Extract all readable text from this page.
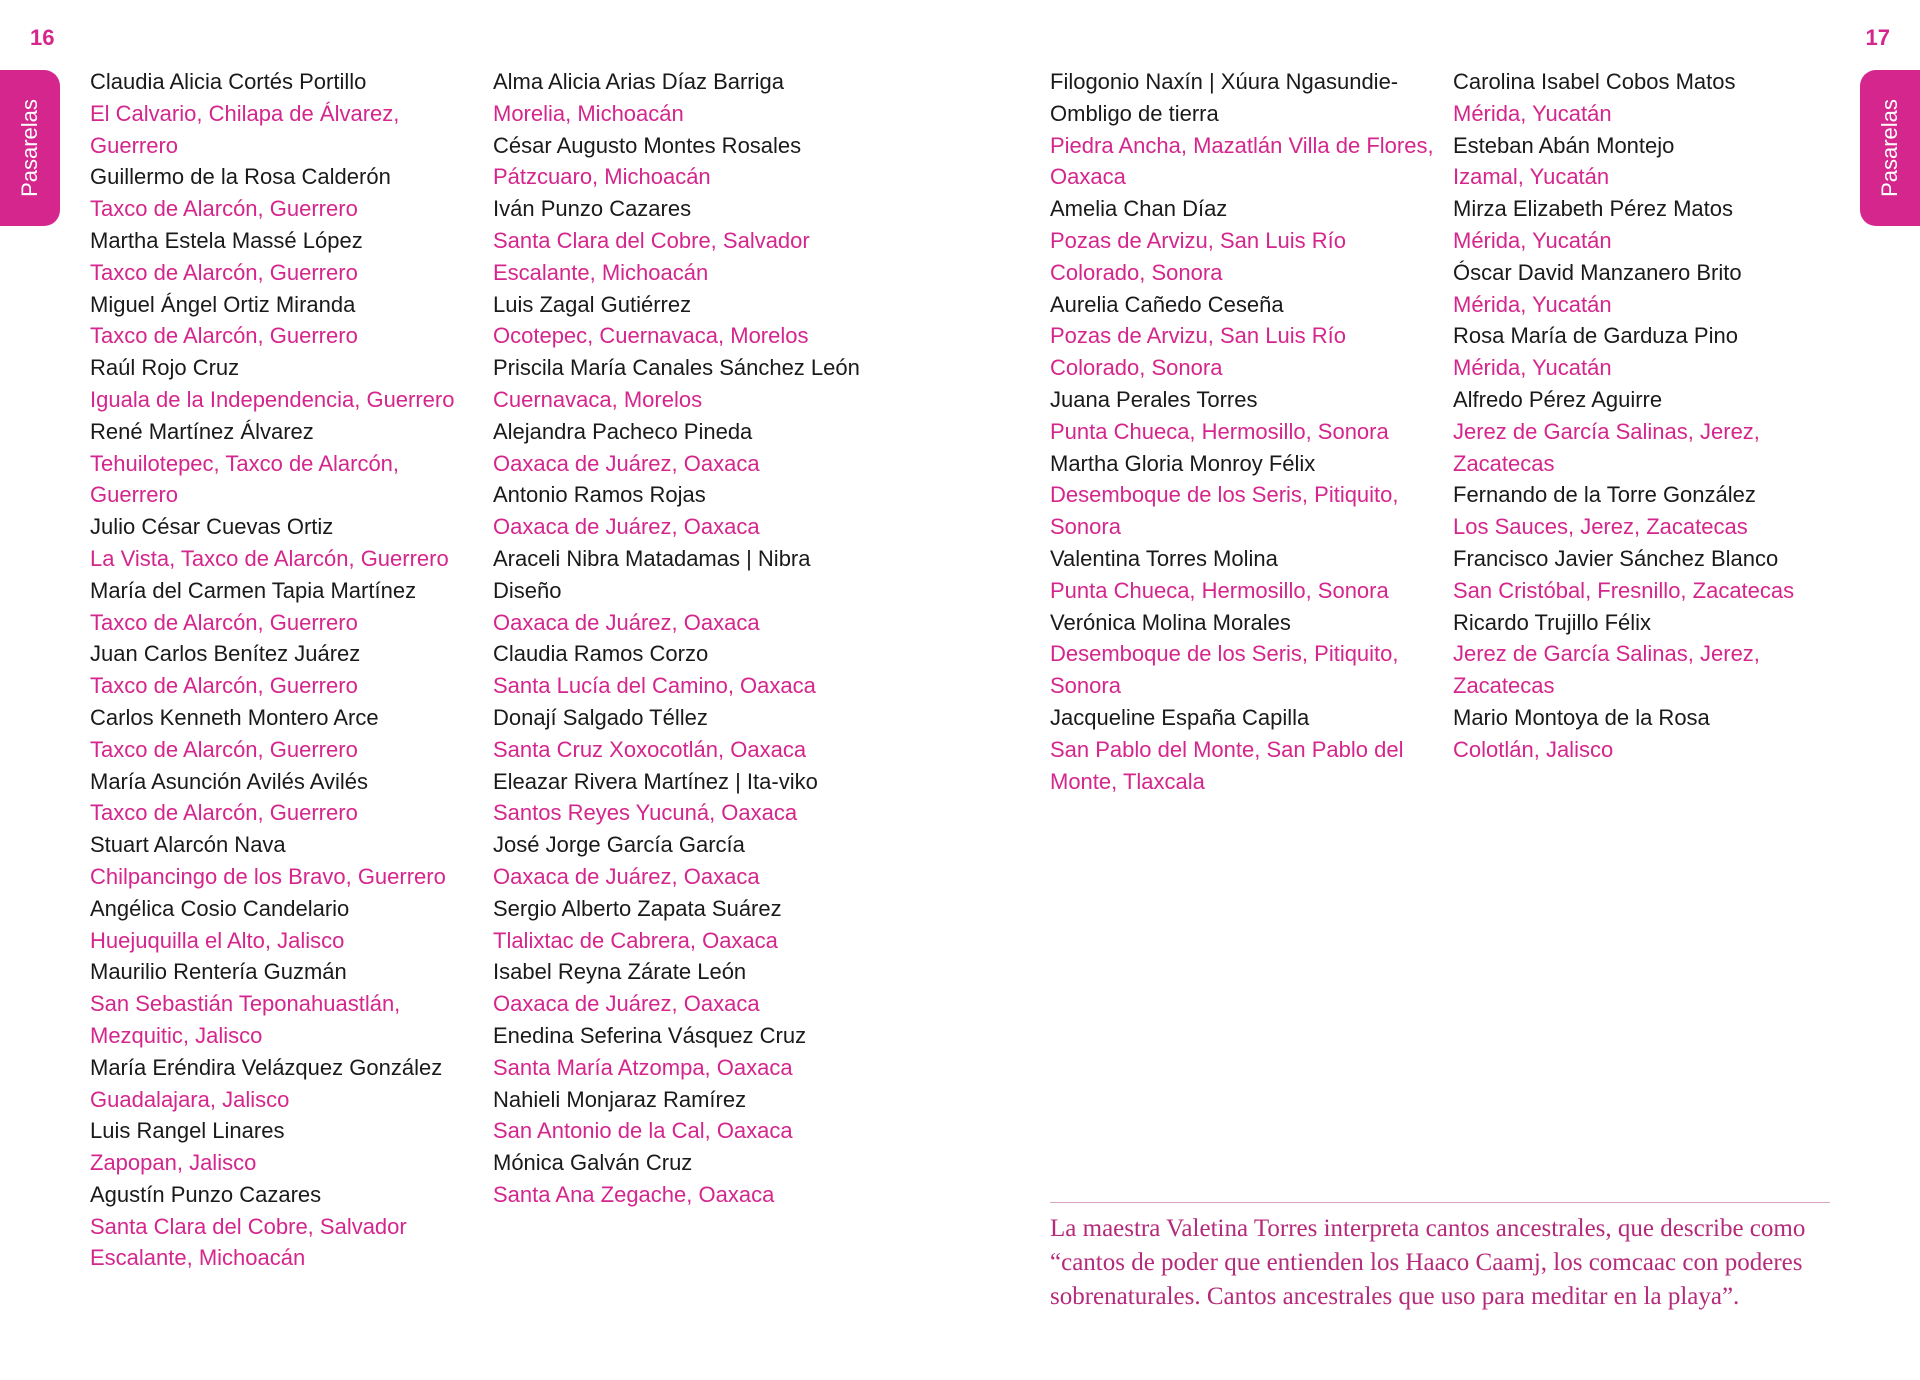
16	17
Pasarelas	Pasarelas
Claudia Alicia Cortés Portillo
El Calvario, Chilapa de Álvarez, Guerrero
Guillermo de la Rosa Calderón
Taxco de Alarcón, Guerrero
Martha Estela Massé López
Taxco de Alarcón, Guerrero
Miguel Ángel Ortiz Miranda
Taxco de Alarcón, Guerrero
Raúl Rojo Cruz
Iguala de la Independencia, Guerrero
René Martínez Álvarez
Tehuilotepec, Taxco de Alarcón, Guerrero
Julio César Cuevas Ortiz
La Vista, Taxco de Alarcón, Guerrero
María del Carmen Tapia Martínez
Taxco de Alarcón, Guerrero
Juan Carlos Benítez Juárez
Taxco de Alarcón, Guerrero
Carlos Kenneth Montero Arce
Taxco de Alarcón, Guerrero
María Asunción Avilés Avilés
Taxco de Alarcón, Guerrero
Stuart Alarcón Nava
Chilpancingo de los Bravo, Guerrero
Angélica Cosio Candelario
Huejuquilla el Alto, Jalisco
Maurilio Rentería Guzmán
San Sebastián Teponahuastlán, Mezquitic, Jalisco
María Eréndira Velázquez González
Guadalajara, Jalisco
Luis Rangel Linares
Zapopan, Jalisco
Agustín Punzo Cazares
Santa Clara del Cobre, Salvador Escalante, Michoacán
Alma Alicia Arias Díaz Barriga
Morelia, Michoacán
César Augusto Montes Rosales
Pátzcuaro, Michoacán
Iván Punzo Cazares
Santa Clara del Cobre, Salvador Escalante, Michoacán
Luis Zagal Gutiérrez
Ocotepec, Cuernavaca, Morelos
Priscila María Canales Sánchez León
Cuernavaca, Morelos
Alejandra Pacheco Pineda
Oaxaca de Juárez, Oaxaca
Antonio Ramos Rojas
Oaxaca de Juárez, Oaxaca
Araceli Nibra Matadamas | Nibra Diseño
Oaxaca de Juárez, Oaxaca
Claudia Ramos Corzo
Santa Lucía del Camino, Oaxaca
Donají Salgado Téllez
Santa Cruz Xoxocotlán, Oaxaca
Eleazar Rivera Martínez | Ita-viko
Santos Reyes Yucuná, Oaxaca
José Jorge García García
Oaxaca de Juárez, Oaxaca
Sergio Alberto Zapata Suárez
Tlalixtac de Cabrera, Oaxaca
Isabel Reyna Zárate León
Oaxaca de Juárez, Oaxaca
Enedina Seferina Vásquez Cruz
Santa María Atzompa, Oaxaca
Nahieli Monjaraz Ramírez
San Antonio de la Cal, Oaxaca
Mónica Galván Cruz
Santa Ana Zegache, Oaxaca
Filogonio Naxín | Xúura Ngasundie-Ombligo de tierra
Piedra Ancha, Mazatlán Villa de Flores, Oaxaca
Amelia Chan Díaz
Pozas de Arvizu, San Luis Río Colorado, Sonora
Aurelia Cañedo Ceseña
Pozas de Arvizu, San Luis Río Colorado, Sonora
Juana Perales Torres
Punta Chueca, Hermosillo, Sonora
Martha Gloria Monroy Félix
Desemboque de los Seris, Pitiquito, Sonora
Valentina Torres Molina
Punta Chueca, Hermosillo, Sonora
Verónica Molina Morales
Desemboque de los Seris, Pitiquito, Sonora
Jacqueline España Capilla
San Pablo del Monte, San Pablo del Monte, Tlaxcala
Carolina Isabel Cobos Matos
Mérida, Yucatán
Esteban Abán Montejo
Izamal, Yucatán
Mirza Elizabeth Pérez Matos
Mérida, Yucatán
Óscar David Manzanero Brito
Mérida, Yucatán
Rosa María de Garduza Pino
Mérida, Yucatán
Alfredo Pérez Aguirre
Jerez de García Salinas, Jerez, Zacatecas
Fernando de la Torre González
Los Sauces, Jerez, Zacatecas
Francisco Javier Sánchez Blanco
San Cristóbal, Fresnillo, Zacatecas
Ricardo Trujillo Félix
Jerez de García Salinas, Jerez, Zacatecas
Mario Montoya de la Rosa
Colotlán, Jalisco

La maestra Valetina Torres interpreta cantos ancestrales, que describe como “cantos de poder que entienden los Haaco Caamj, los comcaac con poderes sobrenaturales. Cantos ancestrales que uso para meditar en la playa”.
